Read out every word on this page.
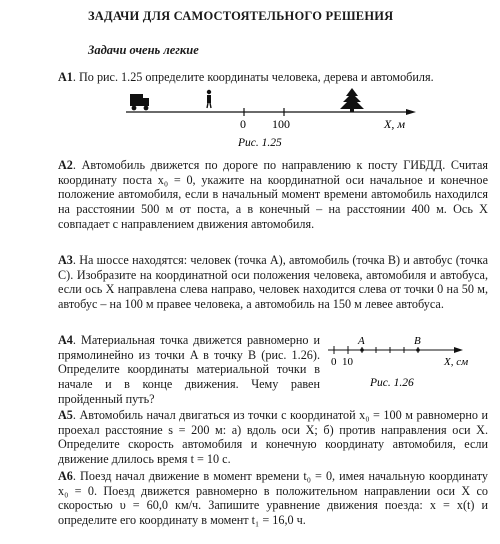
ЗАДАЧИ ДЛЯ САМОСТОЯТЕЛЬНОГО РЕШЕНИЯ
Задачи очень легкие
А1. По рис. 1.25 определите координаты человека, дерева и автомобиля.
0 100	X, м
Рис. 1.25
А2. Автомобиль движется по дороге по направлению к посту ГИБДД. Считая координату поста x₀ = 0, укажите на координатной оси начальное и конечное положение автомобиля, если в начальный момент времени автомобиль находился на расстоянии 500 м от поста, а в конечный – на расстоянии 400 м. Ось X совпадает с направлением движения автомобиля.
А3. На шоссе находятся: человек (точка A), автомобиль (точка B) и автобус (точка C). Изобразите на координатной оси положения человека, автомобиля и автобуса, если ось X направлена слева направо, человек находится слева от точки 0 на 50 м, автобус – на 100 м правее человека, а автомобиль на 150 м левее автобуса.
А4. Материальная точка движется равномерно и прямолинейно из точки A в точку B (рис. 1.26). Определите координаты материальной точки в начале и в конце движения. Чему равен пройденный путь?
A	B
0 10	X, см
Рис. 1.26
А5. Автомобиль начал двигаться из точки с координатой x₀ = 100 м равномерно и проехал расстояние s = 200 м: а) вдоль оси X; б) против направления оси X. Определите скорость автомобиля и конечную координату автомобиля, если движение длилось время t = 10 с.
А6. Поезд начал движение в момент времени t₀ = 0, имея начальную координату x₀ = 0. Поезд движется равномерно в положительном направлении оси X со скоростью υ = 60,0 км/ч. Запишите уравнение движения поезда: x = x(t) и определите его координату в момент t₁ = 16,0 ч.
